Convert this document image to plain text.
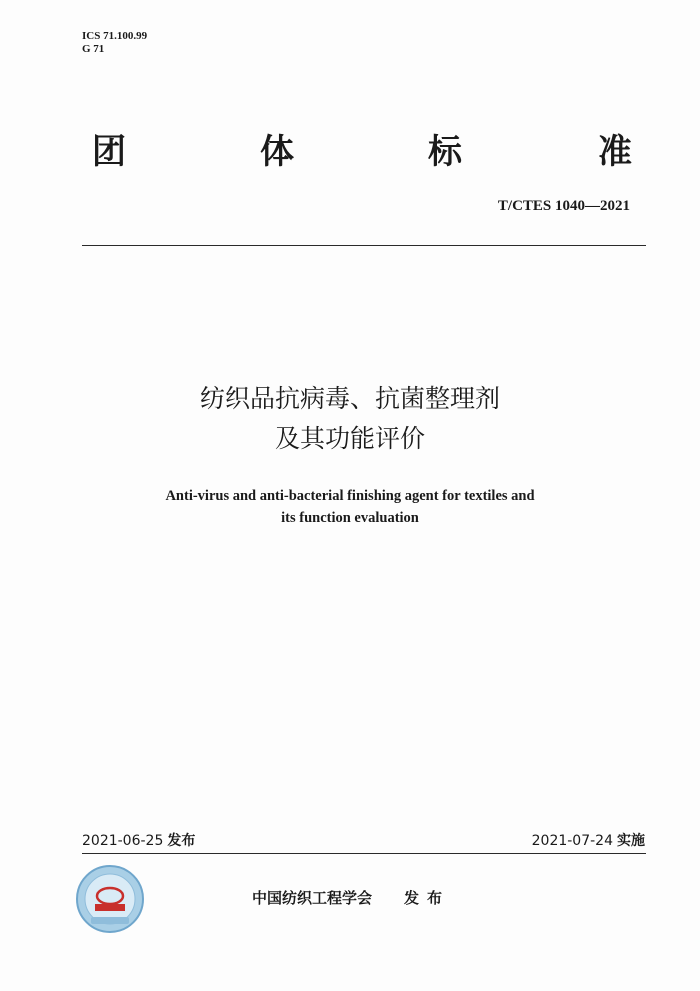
ICS 71.100.99
G 71
团	体	标	准
T/CTES 1040—2021
纺织品抗病毒、抗菌整理剂
及其功能评价
Anti-virus and anti-bacterial finishing agent for textiles and
its function evaluation
2021-06-25 发布	2021-07-24 实施
中国纺织工程学会 发布
